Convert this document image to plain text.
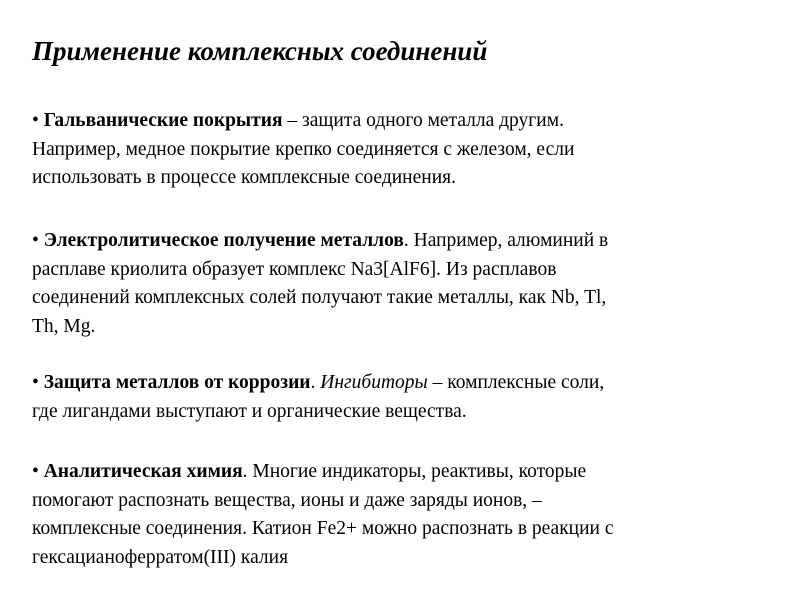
Применение комплексных соединений
• Гальванические покрытия – защита одного металла другим.
Например, медное покрытие крепко соединяется с железом, если
использовать в процессе комплексные соединения.
• Электролитическое получение металлов. Например, алюминий в
расплаве криолита образует комплекс Na3[AlF6]. Из расплавов
соединений комплексных солей получают такие металлы, как Nb, Tl,
Th, Mg.
• Защита металлов от коррозии. Ингибиторы – комплексные соли,
где лигандами выступают и органические вещества.
• Аналитическая химия. Многие индикаторы, реактивы, которые
помогают распознать вещества, ионы и даже заряды ионов, –
комплексные соединения. Катион Fe2+ можно распознать в реакции с
гексацианоферратом(III) калия
